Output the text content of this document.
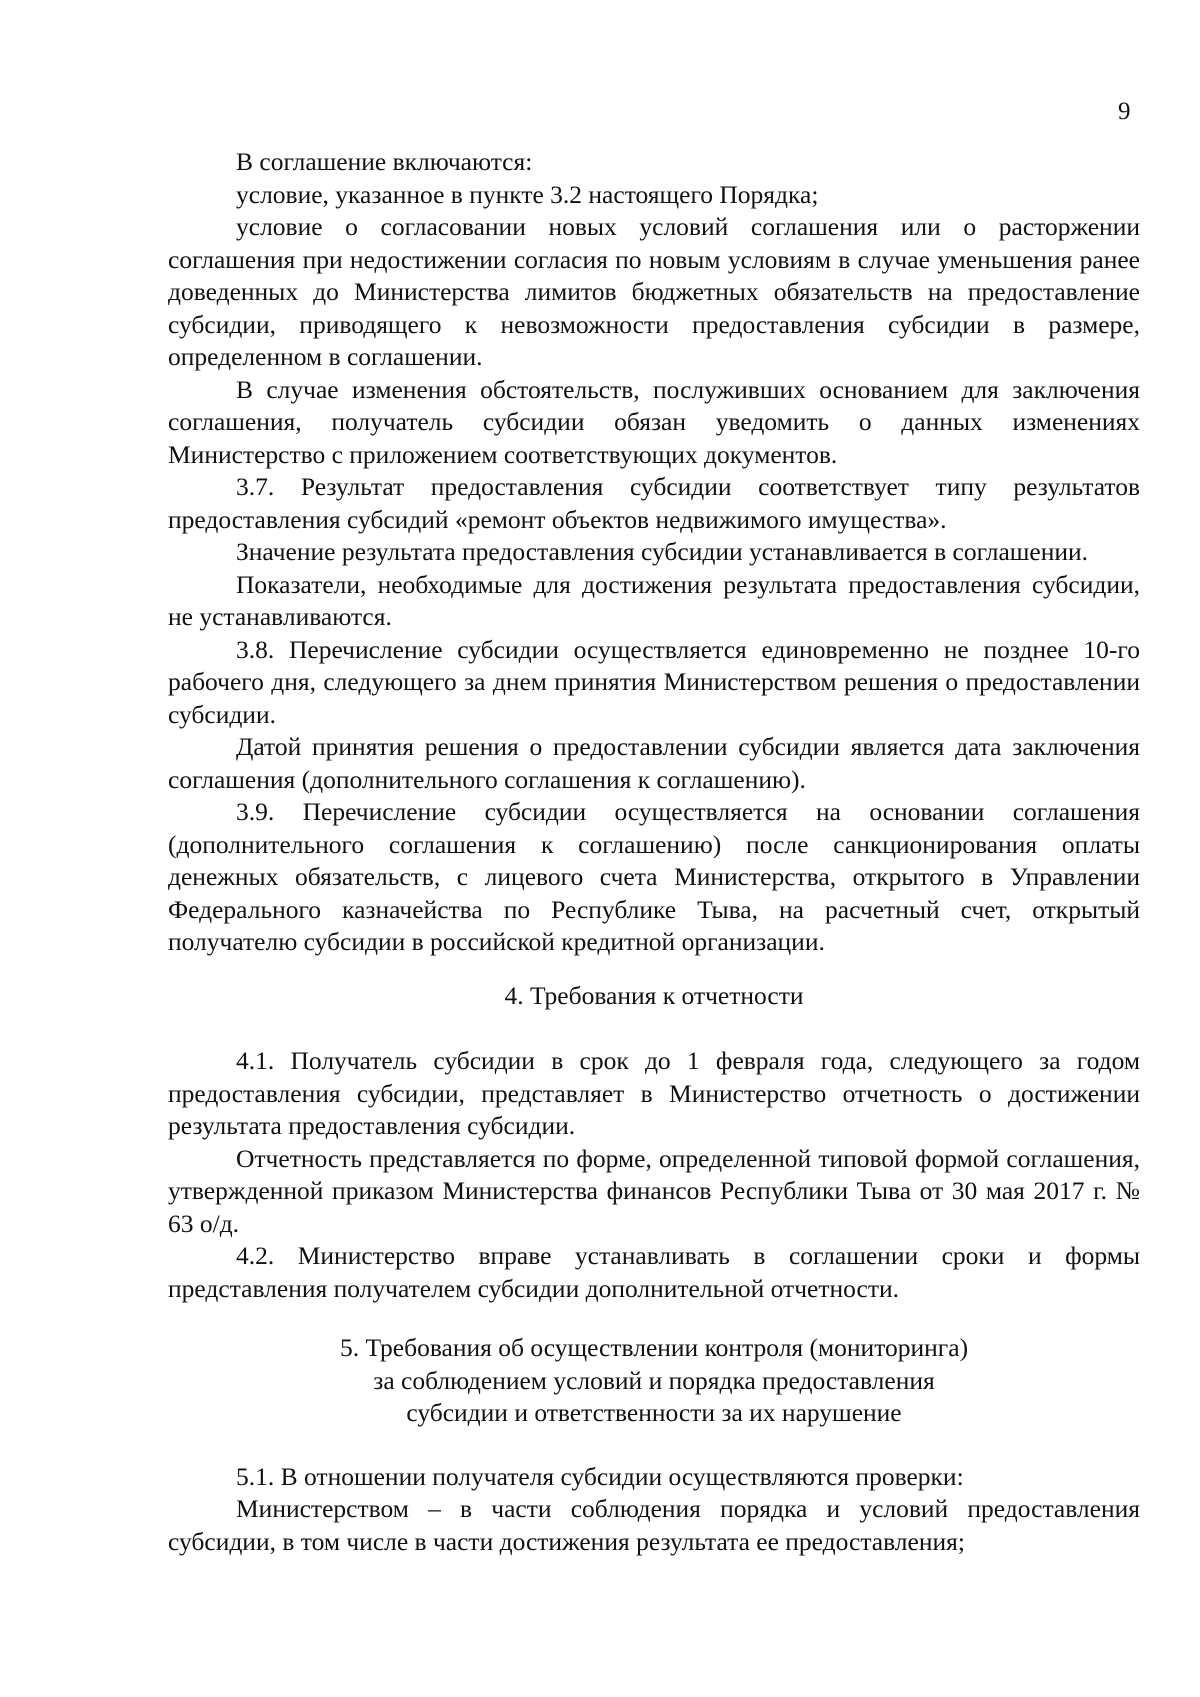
9

В соглашение включаются:

условие, указанное в пункте 3.2 настоящего Порядка;

условие о согласовании новых условий соглашения или о расторжении соглашения при недостижении согласия по новым условиям в случае уменьшения ранее доведенных до Министерства лимитов бюджетных обязательств на предоставление субсидии, приводящего к невозможности предоставления субсидии в размере, определенном в соглашении.

В случае изменения обстоятельств, послуживших основанием для заключения соглашения, получатель субсидии обязан уведомить о данных изменениях Министерство с приложением соответствующих документов.

3.7. Результат предоставления субсидии соответствует типу результатов предоставления субсидий «ремонт объектов недвижимого имущества».

Значение результата предоставления субсидии устанавливается в соглашении.

Показатели, необходимые для достижения результата предоставления субсидии, не устанавливаются.

3.8. Перечисление субсидии осуществляется единовременно не позднее 10-го рабочего дня, следующего за днем принятия Министерством решения о предоставлении субсидии.

Датой принятия решения о предоставлении субсидии является дата заключения соглашения (дополнительного соглашения к соглашению).

3.9. Перечисление субсидии осуществляется на основании соглашения (дополнительного соглашения к соглашению) после санкционирования оплаты денежных обязательств, с лицевого счета Министерства, открытого в Управлении Федерального казначейства по Республике Тыва, на расчетный счет, открытый получателю субсидии в российской кредитной организации.

4. Требования к отчетности

4.1. Получатель субсидии в срок до 1 февраля года, следующего за годом предоставления субсидии, представляет в Министерство отчетность о достижении результата предоставления субсидии.

Отчетность представляется по форме, определенной типовой формой соглашения, утвержденной приказом Министерства финансов Республики Тыва от 30 мая 2017 г. № 63 о/д.

4.2. Министерство вправе устанавливать в соглашении сроки и формы представления получателем субсидии дополнительной отчетности.

5. Требования об осуществлении контроля (мониторинга)
за соблюдением условий и порядка предоставления
субсидии и ответственности за их нарушение

5.1. В отношении получателя субсидии осуществляются проверки:

Министерством – в части соблюдения порядка и условий предоставления субсидии, в том числе в части достижения результата ее предоставления;
